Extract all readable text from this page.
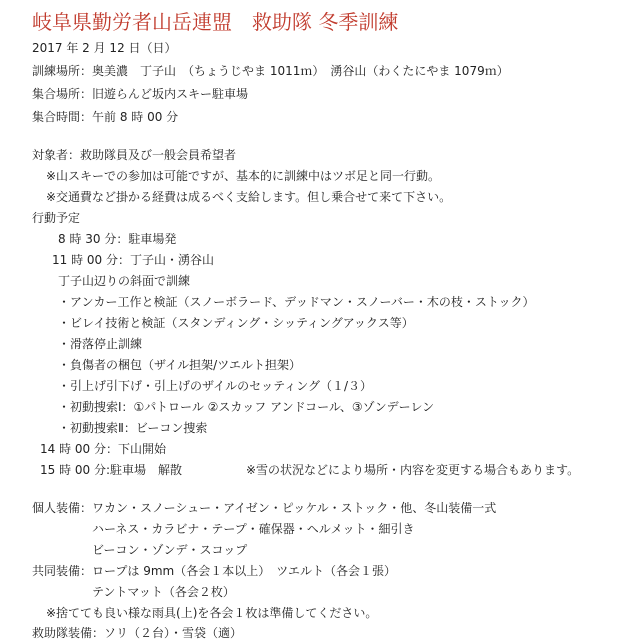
岐阜県勤労者山岳連盟　救助隊 冬季訓練
2017 年 2 月 12 日（日）
訓練場所：奥美濃　丁子山　（ちょうじやま 1011ｍ）　湧谷山（わくたにやま 1079ｍ）
集合場所：旧遊らんど坂内スキー駐車場
集合時間：午前 8 時 00 分
対象者：救助隊員及び一般会員希望者
※山スキーでの参加は可能ですが、基本的に訓練中はツボ足と同一行動。
※交通費など掛かる経費は成るべく支給します。但し乗合せて来て下さい。
行動予定
8 時 30 分：駐車場発
11 時 00 分：丁子山・湧谷山
丁子山辺りの斜面で訓練
・アンカー工作と検証（スノーボラード、デッドマン・スノーバー・木の枝・ストック）
・ビレイ技術と検証（スタンディング・シッティングアックス等）
・滑落停止訓練
・負傷者の梱包（ザイル担架/ツエルト担架）
・引上げ引下げ・引上げのザイルのセッティング（１/３）
・初動捜索Ⅰ：①パトロール ②スカッフ アンドコール、③ゾンデーレン
・初動捜索Ⅱ：ビーコン捜索
14 時 00 分：下山開始
15 時 00 分:駐車場　解散	※雪の状況などにより場所・内容を変更する場合もあります。
個人装備：ワカン・スノーシュー・アイゼン・ピッケル・ストック・他、冬山装備一式
ハーネス・カラビナ・テープ・確保器・ヘルメット・細引き
ビーコン・ゾンデ・スコップ
共同装備：ロープは 9mm（各会１本以上）　ツエルト（各会１張）
テントマット（各会２枚）
※捨てても良い様な雨具(上)を各会１枚は準備してください。
救助隊装備：ソリ（２台）・雪袋（適）
